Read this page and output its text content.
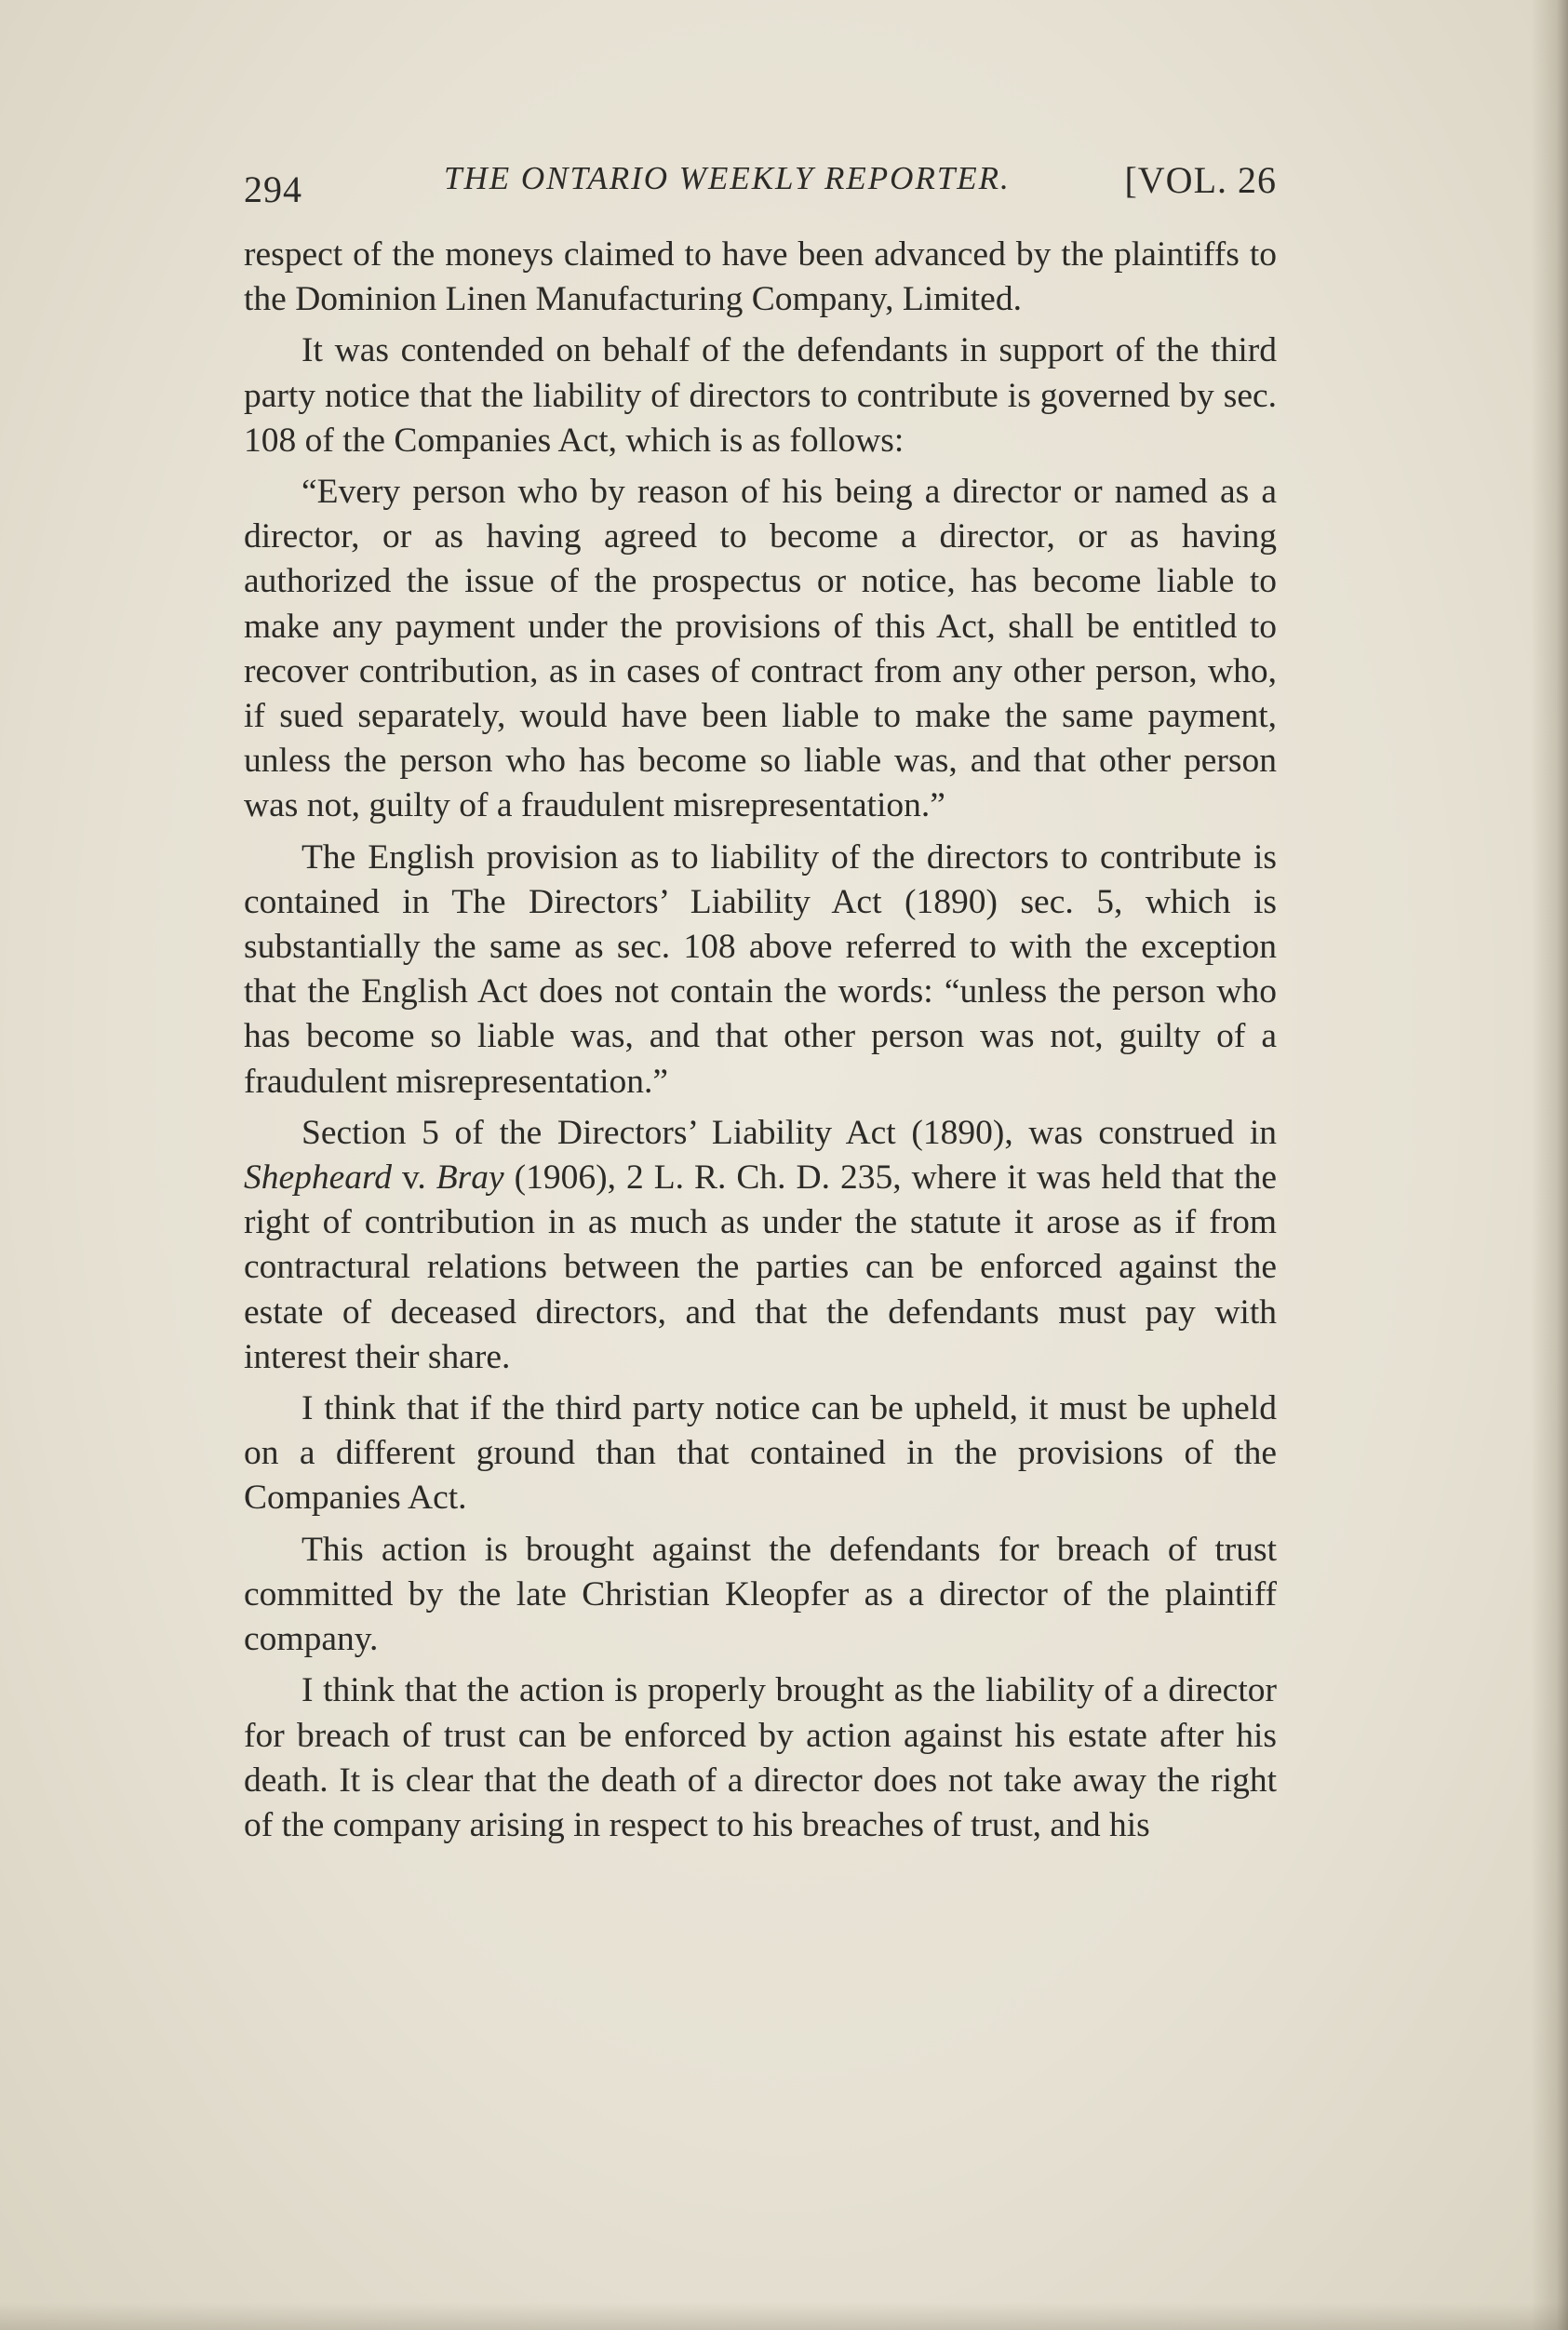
294	THE ONTARIO WEEKLY REPORTER.	[VOL. 26

respect of the moneys claimed to have been advanced by the plaintiffs to the Dominion Linen Manufacturing Company, Limited.

It was contended on behalf of the defendants in support of the third party notice that the liability of directors to contribute is governed by sec. 108 of the Companies Act, which is as follows:

“Every person who by reason of his being a director or named as a director, or as having agreed to become a director, or as having authorized the issue of the prospectus or notice, has become liable to make any payment under the provisions of this Act, shall be entitled to recover contribution, as in cases of contract from any other person, who, if sued separately, would have been liable to make the same payment, unless the person who has become so liable was, and that other person was not, guilty of a fraudulent misrepresentation.”

The English provision as to liability of the directors to contribute is contained in The Directors’ Liability Act (1890) sec. 5, which is substantially the same as sec. 108 above referred to with the exception that the English Act does not contain the words: “unless the person who has become so liable was, and that other person was not, guilty of a fraudulent misrepresentation.”

Section 5 of the Directors’ Liability Act (1890), was construed in Shepheard v. Bray (1906), 2 L. R. Ch. D. 235, where it was held that the right of contribution in as much as under the statute it arose as if from contractural relations between the parties can be enforced against the estate of deceased directors, and that the defendants must pay with interest their share.

I think that if the third party notice can be upheld, it must be upheld on a different ground than that contained in the provisions of the Companies Act.

This action is brought against the defendants for breach of trust committed by the late Christian Kleopfer as a director of the plaintiff company.

I think that the action is properly brought as the liability of a director for breach of trust can be enforced by action against his estate after his death. It is clear that the death of a director does not take away the right of the company arising in respect to his breaches of trust, and his
